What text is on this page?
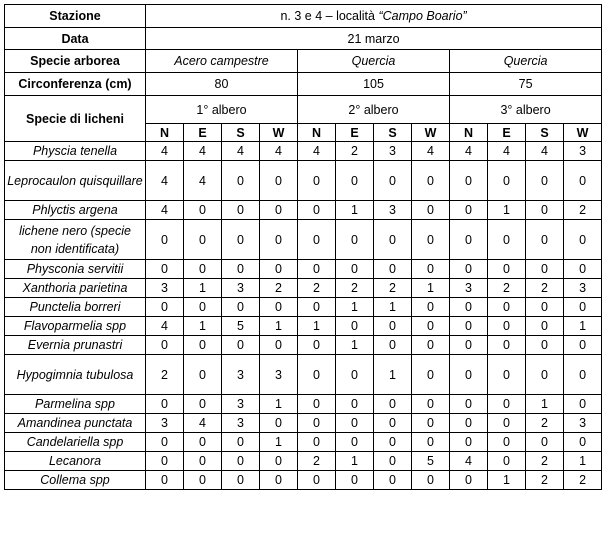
Stazione	n. 3 e 4 – località “Campo Boario”											
Data	21 marzo											
Specie arborea	Acero campestre				Quercia				Quercia			
Circonferenza (cm)	80				105				75			
Specie di licheni	1° albero				2° albero				3° albero			
	N	E	S	W	N	E	S	W	N	E	S	W
Physcia tenella	4	4	4	4	4	2	3	4	4	4	4	3
Leprocaulon quisquillare	4	4	0	0	0	0	0	0	0	0	0	0
Phlyctis argena	4	0	0	0	0	1	3	0	0	1	0	2
lichene nero (specie non identificata)	0	0	0	0	0	0	0	0	0	0	0	0
Physconia servitii	0	0	0	0	0	0	0	0	0	0	0	0
Xanthoria parietina	3	1	3	2	2	2	2	1	3	2	2	3
Punctelia borreri	0	0	0	0	0	1	1	0	0	0	0	0
Flavoparmelia spp	4	1	5	1	1	0	0	0	0	0	0	1
Evernia prunastri	0	0	0	0	0	1	0	0	0	0	0	0
Hypogimnia tubulosa	2	0	3	3	0	0	1	0	0	0	0	0
Parmelina spp	0	0	3	1	0	0	0	0	0	0	1	0
Amandinea punctata	3	4	3	0	0	0	0	0	0	0	2	3
Candelariella spp	0	0	0	1	0	0	0	0	0	0	0	0
Lecanora	0	0	0	0	2	1	0	5	4	0	2	1
Collema spp	0	0	0	0	0	0	0	0	0	1	2	2
